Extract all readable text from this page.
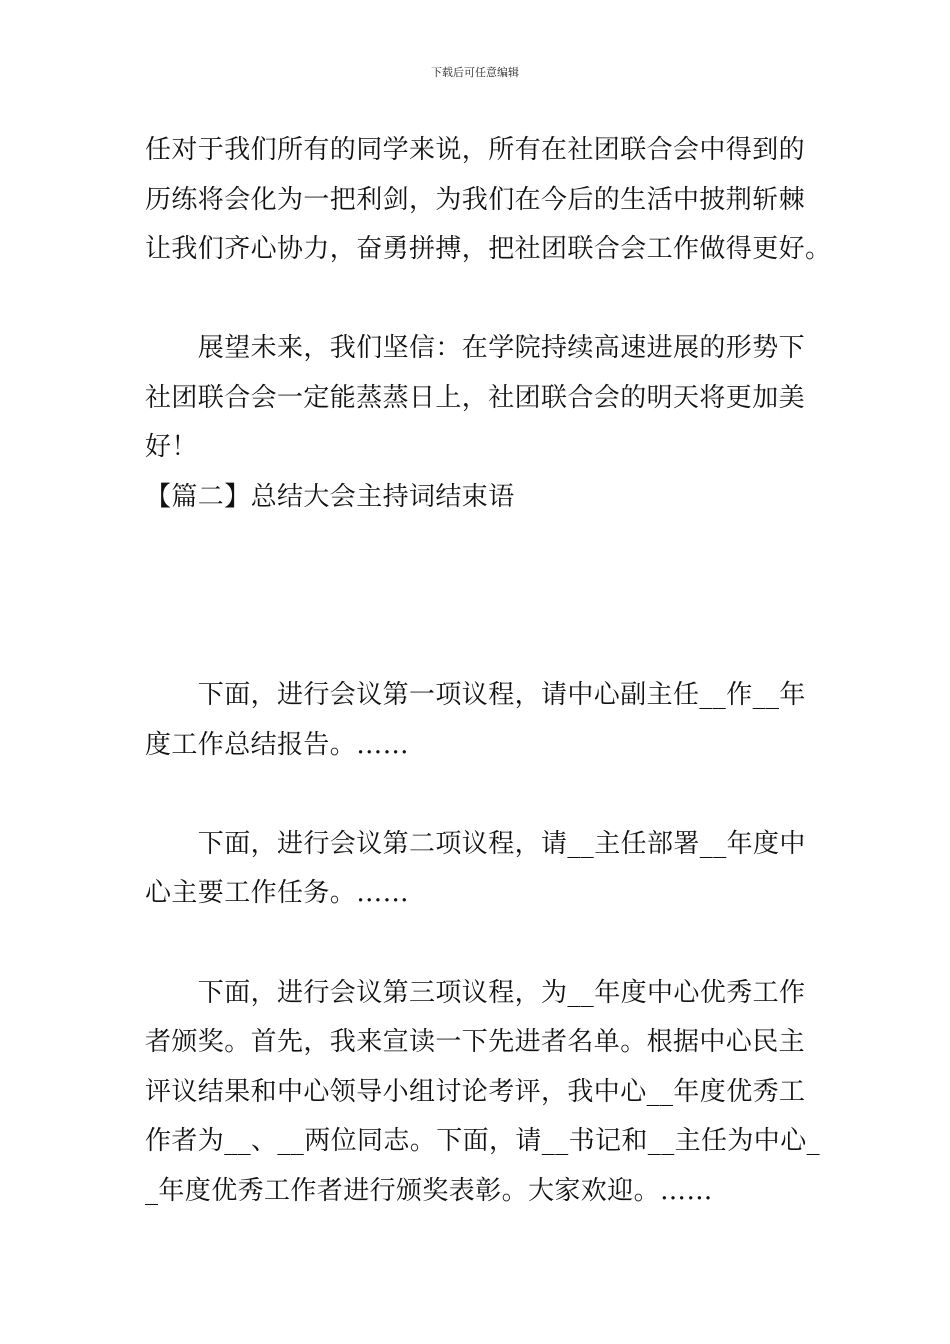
下载后可任意编辑
任对于我们所有的同学来说，所有在社团联合会中得到的
历练将会化为一把利剑，为我们在今后的生活中披荆斩棘
让我们齐心协力，奋勇拼搏，把社团联合会工作做得更好。
　　展望未来，我们坚信：在学院持续高速进展的形势下
社团联合会一定能蒸蒸日上，社团联合会的明天将更加美
好！
【篇二】总结大会主持词结束语
　　下面，进行会议第一项议程，请中心副主任__作__年
度工作总结报告。……
　　下面，进行会议第二项议程，请__主任部署__年度中
心主要工作任务。……
　　下面，进行会议第三项议程，为__年度中心优秀工作
者颁奖。首先，我来宣读一下先进者名单。根据中心民主
评议结果和中心领导小组讨论考评，我中心__年度优秀工
作者为__、__两位同志。下面，请__书记和__主任为中心_
_年度优秀工作者进行颁奖表彰。大家欢迎。……
